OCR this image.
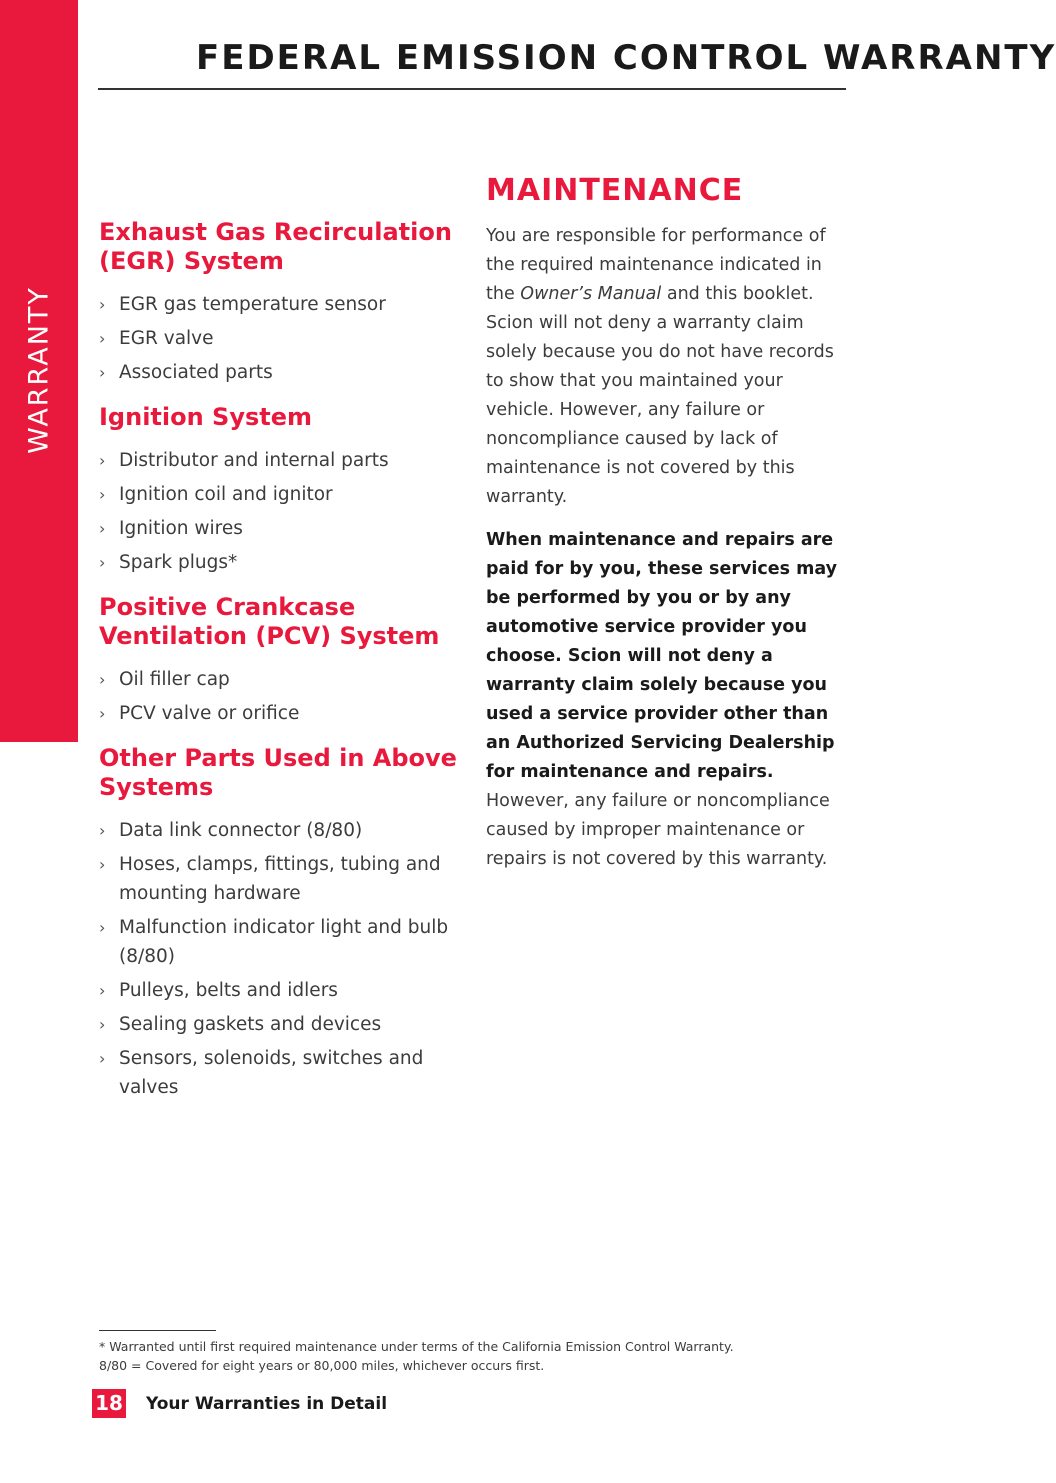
WARRANTY
FEDERAL EMISSION CONTROL WARRANTY
Exhaust Gas Recirculation (EGR) System
› EGR gas temperature sensor
› EGR valve
› Associated parts
Ignition System
› Distributor and internal parts
› Ignition coil and ignitor
› Ignition wires
› Spark plugs*
Positive Crankcase Ventilation (PCV) System
› Oil filler cap
› PCV valve or orifice
Other Parts Used in Above Systems
› Data link connector (8/80)
› Hoses, clamps, fittings, tubing and mounting hardware
› Malfunction indicator light and bulb (8/80)
› Pulleys, belts and idlers
› Sealing gaskets and devices
› Sensors, solenoids, switches and valves
MAINTENANCE

You are responsible for performance of the required maintenance indicated in the Owner’s Manual and this booklet. Scion will not deny a warranty claim solely because you do not have records to show that you maintained your vehicle. However, any failure or noncompliance caused by lack of maintenance is not covered by this warranty.

When maintenance and repairs are paid for by you, these services may be performed by you or by any automotive service provider you choose. Scion will not deny a warranty claim solely because you used a service provider other than an Authorized Servicing Dealership for maintenance and repairs. However, any failure or noncompliance caused by improper maintenance or repairs is not covered by this warranty.

* Warranted until first required maintenance under terms of the California Emission Control Warranty.
8/80 = Covered for eight years or 80,000 miles, whichever occurs first.
18 Your Warranties in Detail
